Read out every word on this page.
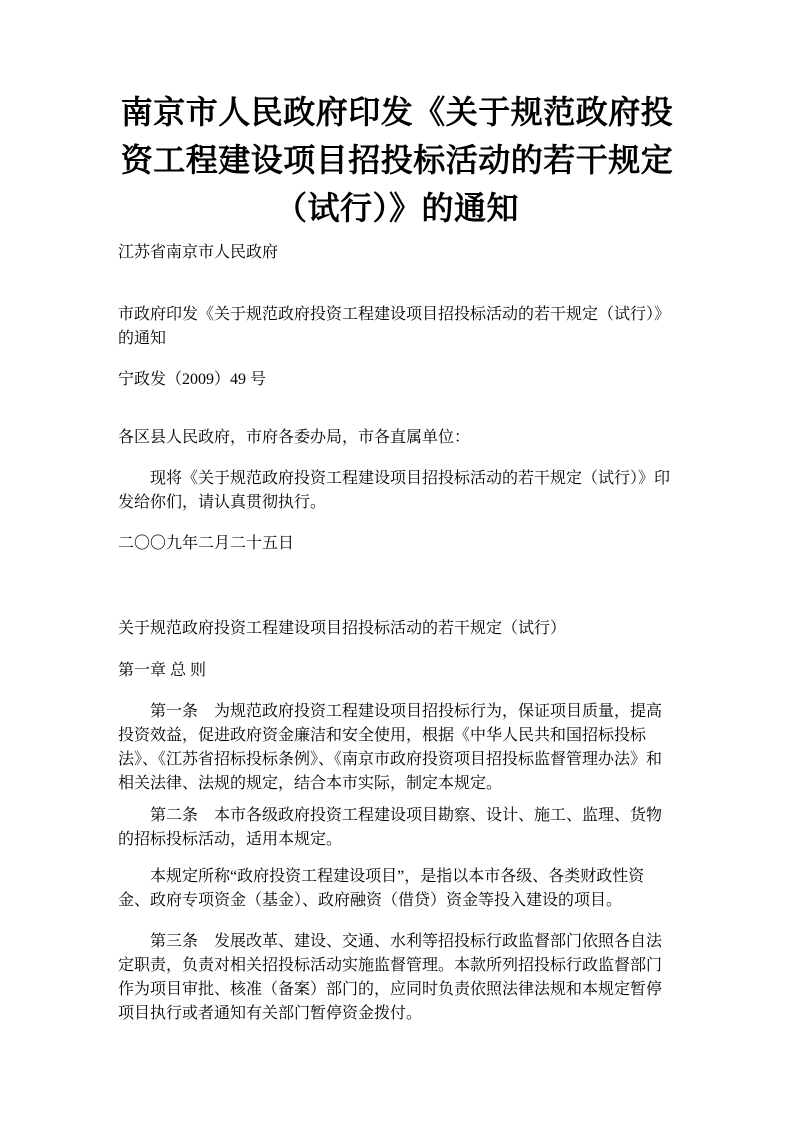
南京市人民政府印发《关于规范政府投资工程建设项目招投标活动的若干规定（试行）》的通知

江苏省南京市人民政府

市政府印发《关于规范政府投资工程建设项目招投标活动的若干规定（试行）》的通知

宁政发（2009）49 号

各区县人民政府，市府各委办局，市各直属单位：

现将《关于规范政府投资工程建设项目招投标活动的若干规定（试行）》印发给你们，请认真贯彻执行。

二〇〇九年二月二十五日

关于规范政府投资工程建设项目招投标活动的若干规定（试行）

第一章 总 则

第一条　为规范政府投资工程建设项目招投标行为，保证项目质量，提高投资效益，促进政府资金廉洁和安全使用，根据《中华人民共和国招标投标法》、《江苏省招标投标条例》、《南京市政府投资项目招投标监督管理办法》和相关法律、法规的规定，结合本市实际，制定本规定。

第二条　本市各级政府投资工程建设项目勘察、设计、施工、监理、货物的招标投标活动，适用本规定。

本规定所称“政府投资工程建设项目”，是指以本市各级、各类财政性资金、政府专项资金（基金）、政府融资（借贷）资金等投入建设的项目。

第三条　发展改革、建设、交通、水利等招投标行政监督部门依照各自法定职责，负责对相关招投标活动实施监督管理。本款所列招投标行政监督部门作为项目审批、核准（备案）部门的，应同时负责依照法律法规和本规定暂停项目执行或者通知有关部门暂停资金拨付。
